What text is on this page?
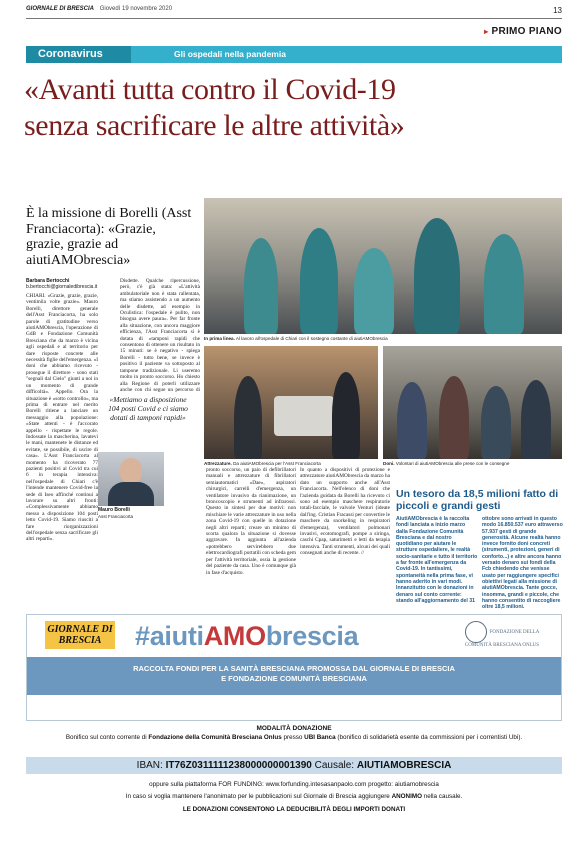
GIORNALE DI BRESCIA Giovedì 19 novembre 2020	13
▸ PRIMO PIANO
Coronavirus	Gli ospedali nella pandemia
«Avanti tutta contro il Covid-19
senza sacrificare le altre attività»
È la missione di Borelli (Asst Franciacorta): «Grazie, grazie, grazie ad aiutiAMObrescia»
Barbara Bertocchi
b.bertocchi@giornaledibrescia.it
CHIARI. «Grazie, grazie, grazie, ventimila volte grazie». Mauro Borelli, direttore generale dell'Asst Franciacorta, ha solo parole di gratitudine verso aiutiAMObrescia, l'operazione di GdB e Fondazione Comunità Bresciana che da marzo è vicina agli ospedali e al territorio per dare risposte concrete alle necessità figlie dell'emergenza. «I doni che abbiamo ricevuto - prosegue il direttore - sono stati "segnali dal Cielo" giunti a noi in un momento di grande difficoltà». Appello. Ora la situazione è «sotto controllo», ma prima di entrare nel merito Borelli ritiene a lanciare un messaggio alla popolazione: «State attenti - è l'accorato appello - rispettate le regole. Indossate la mascherina, lavatevi le mani, mantenete le distanze ed evitate, se possibile, di uscire di casa». L'Asst Franciacorta al momento ha ricoverato 77 pazienti positivi al Covid tra cui 6 in terapia intensiva: nell'ospedale di Chiari c'è l'intende mantenere Covid-free la sede di Iseo affinché continui a lavorare su altri fronti: «Complessivamente abbiamo messo a disposizione 104 posti letto Covid-19. Siamo riusciti a fare riorganizzazioni dell'ospedale senza sacrificare gli altri reparti».
Disdette. Qualche ripercussione, però, c'è già stata: «L'attività ambulatoriale non è stata rallentata, ma stiamo assistendo a un aumento delle disdette, ad esempio in Oculistica: l'ospedale è pulito, non bisogna avere paura». Per far fronte alla situazione, con ancora maggiore efficienza, l'Asst Franciacorta si è dotata di «tamponi rapidi che consentono di ottenere un risultato in 15 minuti: se è negativo - spiega Borelli - tutto bene, se invece è positivo il paziente va sottoposto al tampone tradizionale. Li useremo molto in pronto soccorso. Ho chiesto alla Regione di poterli utilizzare anche con chi segue un percorso di
pronto soccorso, un paio di defibrillatori manuali e attrezzature di fibrillatori semiautomatici «Dae», aspiratori chirurgici, carrelli d'emergenza, un ventilatore invasivo da rianimazione, un broncoscopio e strumenti ad infrarossi. Questo in sintesi per due motivi: non mischiare le varie attrezzature in uso nella zona Covid-19 con quelle in dotazione negli altri reparti; creare un minimo di scorta qualora la situazione si dovesse aggravare. In aggiunta all'azienda «potrebbero servirebbero due elettrocardiografi portatili con scheda gem per l'attività territoriale, ossia la gestione del paziente da casa. Uno è comunque già in fase d'acquisto.
In quanto a dispositivi di protezione e attrezzature aiutiAMObrescia da marzo ha dato un supporto anche all'Asst Franciacorta. Nell'elenco di doni che l'azienda guidata da Borelli ha ricevuto ci sono ad esempio maschere respiratorie totali-facciale, le valvole Venturi (ideate dall'ing. Cristian Fracassi per convertire le maschere da snorkeling in respiratori d'emergenza), ventilatori polmonari invasivi, ecotomografi, pompe a siringa, caschi Cpap, saturimetri e letti da terapia intensiva. Tanti strumenti, alcuni dei quali consegnati anche di recente. //
«Mettiamo a disposizione 104 posti Covid e ci siamo dotati di tamponi rapidi»
Mauro Borelli
Asst Franciacorta
In prima linea. Al lavoro all'ospedale di Chiari con il sostegno costante di aiutiAMObrescia
Attrezzature. Da aiutiAMObrescia per l'Asst Franciacorta	Doni. Volontari di aiutiAMObrescia alle prese con le consegne
Un tesoro da 18,5 milioni fatto di piccoli e grandi gesti
AiutiAMObrescia è la raccolta fondi lanciata a inizio marzo dalla Fondazione Comunità Bresciana e dal nostro quotidiano per aiutare le strutture ospedaliere, le realtà socio-sanitarie e tutto il territorio a far fronte all'emergenza da Covid-19. In tantissimi, spontaneità nella prima fase, vi hanno aderito in vari modi. Innanzitutto con le donazioni in denaro sul conto corrente: stando all'aggiornamento del 31
ottobre sono arrivati in questo modo 16.850.537 euro attraverso 57.937 gesti di grande generosità. Alcune realtà hanno invece fornito doni concreti (strumenti, protezioni, generi di conforto...) e altre ancora hanno versato denaro sui fondi della Fcb chiedendo che venisse usato per raggiungere specifici obiettivi legati alla missione di aiutiAMObrescia. Tante gocce, insomma, grandi e piccole, che hanno consentito di raccogliere oltre 18,5 milioni.
GIORNALE DI BRESCIA	#aiutiAMObrescia	FONDAZIONE DELLA COMUNITÀ BRESCIANA ONLUS
RACCOLTA FONDI PER LA SANITÀ BRESCIANA PROMOSSA DAL GIORNALE DI BRESCIA
E FONDAZIONE COMUNITÀ BRESCIANA
MODALITÀ DONAZIONE
Bonifico sul conto corrente di Fondazione della Comunità Bresciana Onlus presso UBI Banca (bonifico di solidarietà esente da commissioni per i correntisti Ubi).
IBAN: IT76Z0311111238000000001390 Causale: AIUTIAMOBRESCIA
oppure sulla piattaforma FOR FUNDING: www.forfunding.intesasanpaolo.com progetto: aiutiamobrescia
In caso si voglia mantenere l'anonimato per le pubblicazioni sul Giornale di Brescia aggiungere ANONIMO nella causale.
LE DONAZIONI CONSENTONO LA DEDUCIBILITÀ DEGLI IMPORTI DONATI
